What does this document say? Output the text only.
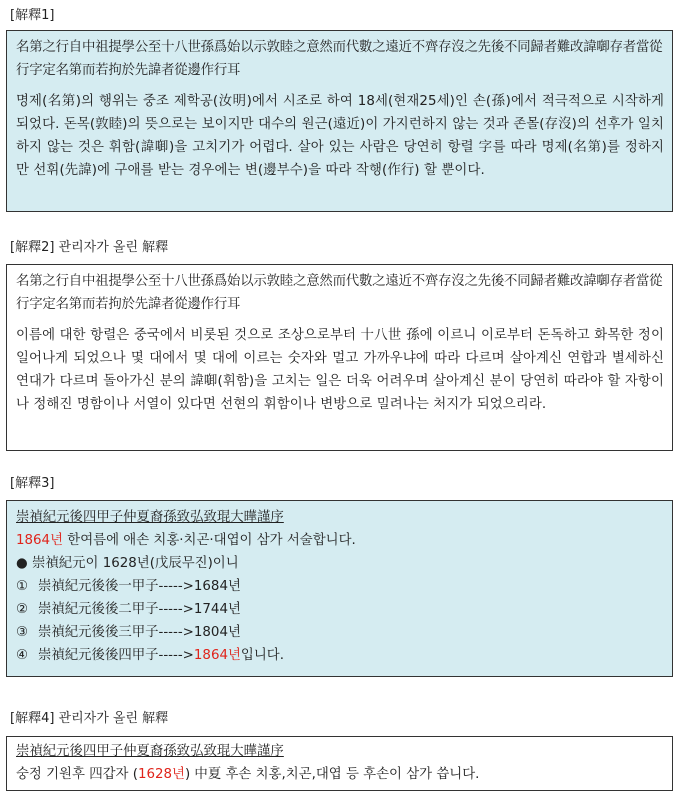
[解釋1]

名第之行自中祖提學公至十八世孫爲始以示敦睦之意然而代數之遠近不齊存沒之先後不同歸者難改諱啣存者當從行字定名第而若拘於先諱者從邊作行耳

명제(名第)의 행위는 중조 제학공(汝明)에서 시조로 하여 18세(현재25세)인 손(孫)에서 적극적으로 시작하게 되었다. 돈목(敦睦)의 뜻으로는 보이지만 대수의 원근(遠近)이 가지런하지 않는 것과 존몰(存沒)의 선후가 일치하지 않는 것은 휘함(諱啣)을 고치기가 어렵다. 살아 있는 사람은 당연히 항렬 字를 따라 명제(名第)를 정하지만 선휘(先諱)에 구애를 받는 경우에는 변(邊부수)을 따라 작행(作行) 할 뿐이다.

[解釋2] 관리자가 올린 解釋

名第之行自中祖提學公至十八世孫爲始以示敦睦之意然而代數之遠近不齊存沒之先後不同歸者難改諱啣存者當從行字定名第而若拘於先諱者從邊作行耳

이름에 대한 항렬은 중국에서 비롯된 것으로 조상으로부터 十八世 孫에 이르니 이로부터 돈독하고 화목한 정이 일어나게 되었으나 몇 대에서 몇 대에 이르는 숫자와 멀고 가까우냐에 따라 다르며 살아계신 연합과 별세하신 연대가 다르며 돌아가신 분의 諱啣(휘함)을 고치는 일은 더욱 어려우며 살아계신 분이 당연히 따라야 할 자항이나 정해진 명함이나 서열이 있다면 선현의 휘함이나 변방으로 밀려나는 처지가 되었으리라.

[解釋3]

崇禎紀元後四甲子仲夏裔孫致弘致琨大曄謹序

1864년 한여름에 애손 치홍·치곤·대엽이 삼가 서술합니다.

● 崇禎紀元이 1628년(戊辰무진)이니

① 崇禎紀元後後一甲子----->1684년

② 崇禎紀元後後二甲子----->1744년

③ 崇禎紀元後後三甲子----->1804년

④ 崇禎紀元後後四甲子----->1864년입니다.

[解釋4] 관리자가 올린 解釋

崇禎紀元後四甲子仲夏裔孫致弘致琨大曄謹序

숭정 기원후 四갑자 (1628년) 中夏 후손 치홍,치곤,대엽 등 후손이 삼가 씁니다.
